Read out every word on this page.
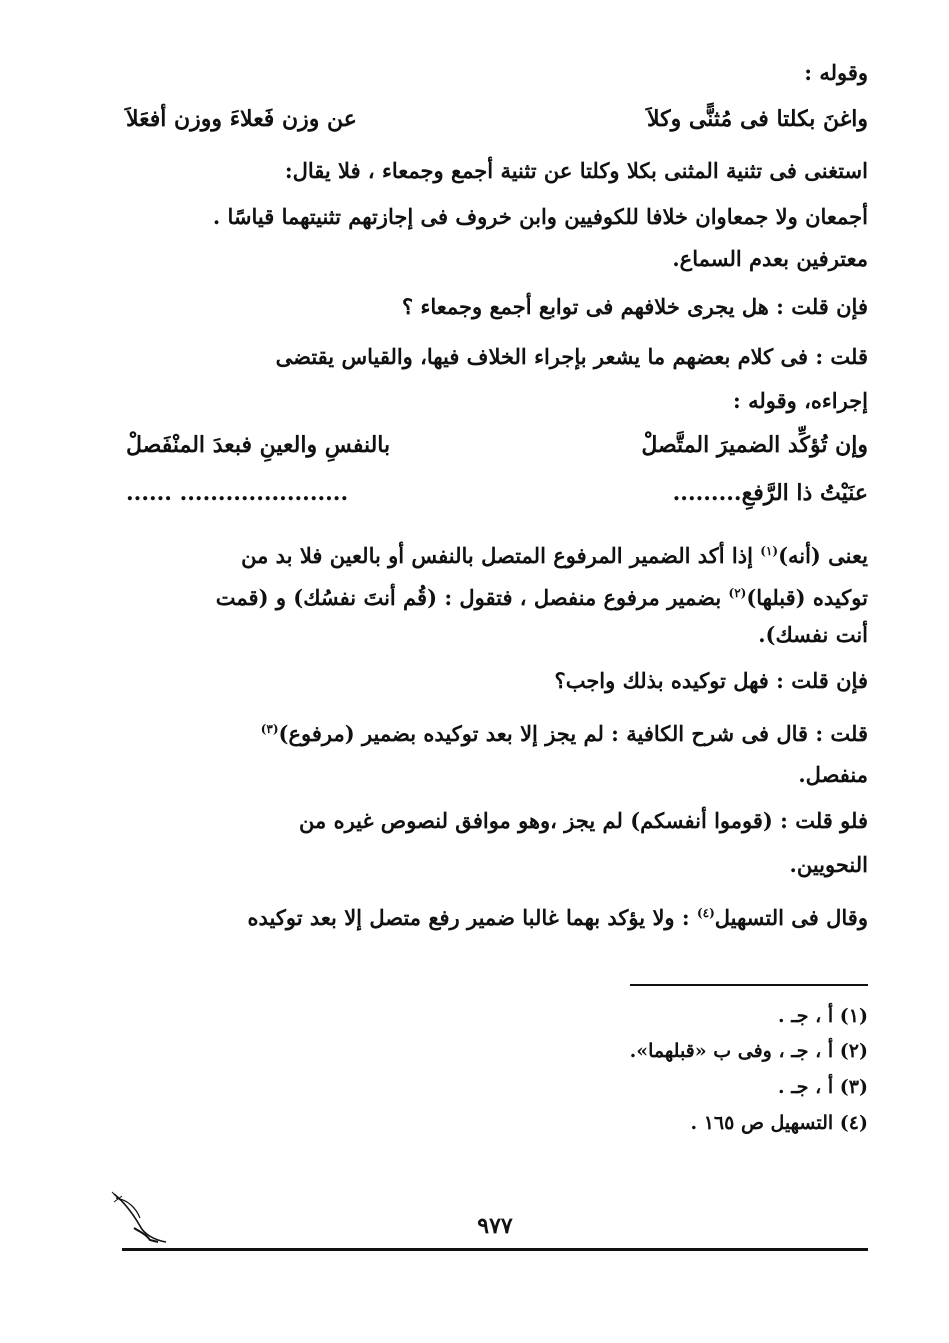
وقوله :
واغنَ بكلتا فى مُثنًّى وكلاَ
عن وزن فَعلاءَ ووزن أفعَلاَ
استغنى فى تثنية المثنى بكلا وكلتا عن تثنية أجمع وجمعاء ، فلا يقال:
أجمعان ولا جمعاوان خلافا للكوفيين وابن خروف فى إجازتهم تثنيتهما قياسًا .
معترفين بعدم السماع.
فإن قلت : هل يجرى خلافهم فى توابع أجمع وجمعاء ؟
قلت : فى كلام بعضهم ما يشعر بإجراء الخلاف فيها، والقياس يقتضى
إجراءه، وقوله :
وإن تُؤكِّد الضميرَ المتَّصلْ
بالنفسِ والعينِ فبعدَ المنْفَصلْ
عنَيْتُ ذا الرَّفعِ.........
...................... ......
يعنى (أنه)$^{(١)}$ إذا أكد الضمير المرفوع المتصل بالنفس أو بالعين فلا بد من
توكيده (قبلها)$^{(٢)}$ بضمير مرفوع منفصل ، فتقول : (قُم أنتَ نفسُك) و (قمت
أنت نفسك).
فإن قلت : فهل توكيده بذلك واجب؟
قلت : قال فى شرح الكافية : لم يجز إلا بعد توكيده بضمير (مرفوع)$^{(٣)}$
منفصل.
فلو قلت : (قوموا أنفسكم) لم يجز ،وهو موافق لنصوص غيره من
النحويين.
وقال فى التسهيل$^{(٤)}$ : ولا يؤكد بهما غالبا ضمير رفع متصل إلا بعد توكيده
(١) أ ، جـ .
(٢) أ ، جـ ، وفى ب «قبلهما».
(٣) أ ، جـ .
(٤) التسهيل ص ١٦٥ .
٩٧٧
